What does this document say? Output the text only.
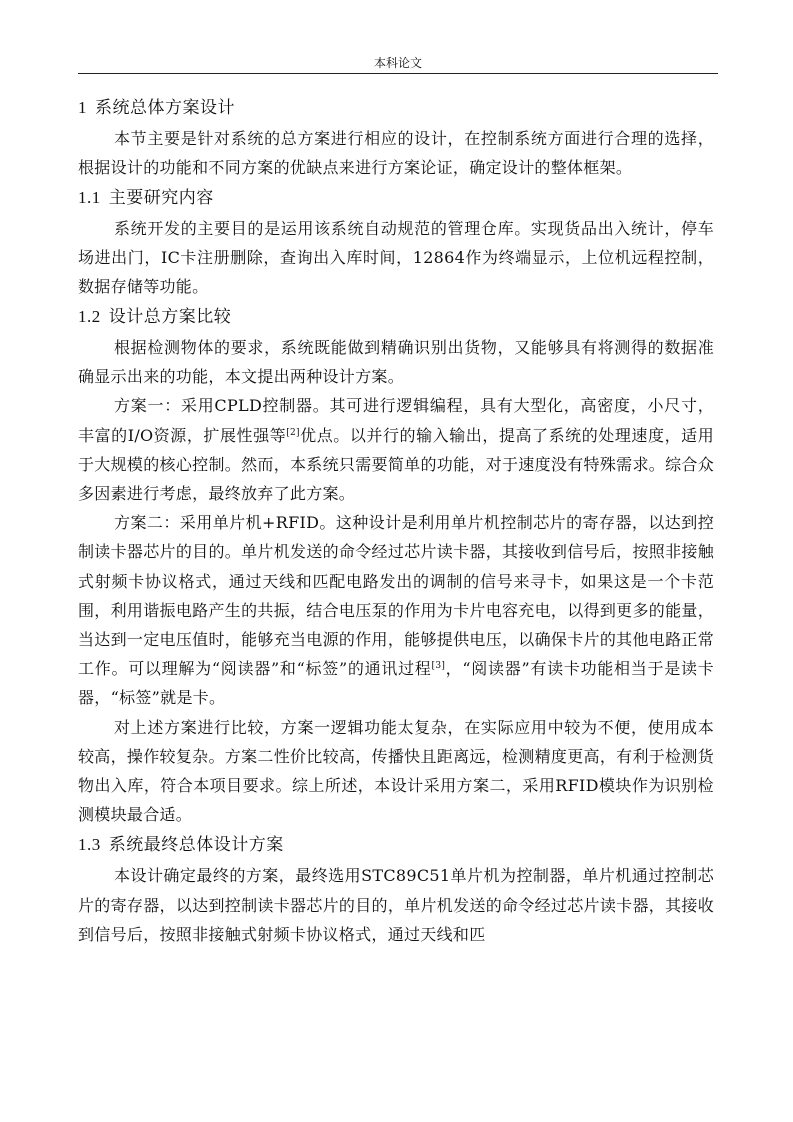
本科论文
1 系统总体方案设计

本节主要是针对系统的总方案进行相应的设计，在控制系统方面进行合理的选择，根据设计的功能和不同方案的优缺点来进行方案论证，确定设计的整体框架。

1.1 主要研究内容

系统开发的主要目的是运用该系统自动规范的管理仓库。实现货品出入统计，停车场进出门，IC卡注册删除，查询出入库时间，12864作为终端显示，上位机远程控制，数据存储等功能。

1.2 设计总方案比较

根据检测物体的要求，系统既能做到精确识别出货物，又能够具有将测得的数据准确显示出来的功能，本文提出两种设计方案。

方案一：采用CPLD控制器。其可进行逻辑编程，具有大型化，高密度，小尺寸，丰富的I/O资源，扩展性强等[2]优点。以并行的输入输出，提高了系统的处理速度，适用于大规模的核心控制。然而，本系统只需要简单的功能，对于速度没有特殊需求。综合众多因素进行考虑，最终放弃了此方案。

方案二：采用单片机+RFID。这种设计是利用单片机控制芯片的寄存器，以达到控制读卡器芯片的目的。单片机发送的命令经过芯片读卡器，其接收到信号后，按照非接触式射频卡协议格式，通过天线和匹配电路发出的调制的信号来寻卡，如果这是一个卡范围，利用谐振电路产生的共振，结合电压泵的作用为卡片电容充电，以得到更多的能量，当达到一定电压值时，能够充当电源的作用，能够提供电压，以确保卡片的其他电路正常工作。可以理解为“阅读器”和“标签”的通讯过程[3]，“阅读器”有读卡功能相当于是读卡器，“标签”就是卡。

对上述方案进行比较，方案一逻辑功能太复杂，在实际应用中较为不便，使用成本较高，操作较复杂。方案二性价比较高，传播快且距离远，检测精度更高，有利于检测货物出入库，符合本项目要求。综上所述，本设计采用方案二，采用RFID模块作为识别检测模块最合适。

1.3 系统最终总体设计方案

本设计确定最终的方案，最终选用STC89C51单片机为控制器，单片机通过控制芯片的寄存器，以达到控制读卡器芯片的目的，单片机发送的命令经过芯片读卡器，其接收到信号后，按照非接触式射频卡协议格式，通过天线和匹
